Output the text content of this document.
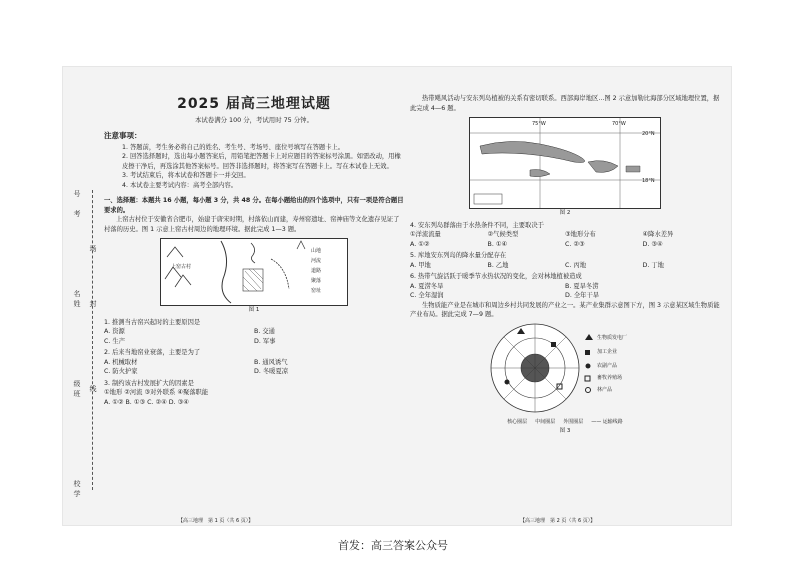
号
考
场
名
姓 封
级
班
线
校
学
2025 届高三地理试题
本试卷满分 100 分，考试用时 75 分钟。
注意事项：
1. 答题前，考生务必将自己的姓名、考生号、考场号、座位号填写在答题卡上。
2. 回答选择题时，选出每小题答案后，用铅笔把答题卡上对应题目的答案标号涂黑。如需改动，用橡皮擦干净后，再选涂其他答案标号。回答非选择题时，将答案写在答题卡上。写在本试卷上无效。
3. 考试结束后，将本试卷和答题卡一并交回。
4. 本试卷主要考试内容：高考全部内容。
一、选择题：本题共 16 小题，每小题 3 分，共 48 分。在每小题给出的四个选项中，只有一项是符合题目要求的。
上窑古村位于安徽省合肥市，始建于唐宋时期，村落依山而建，寿州窑遗址、窑神庙等文化遗存见证了村落的历史。图 1 示意上窑古村周边的地理环境。据此完成 1—3 题。
上窑古村
山地
河流
道路
聚落
窑址
图 1
1. 推测当古窑兴起时的主要原因是
A. 资源	B. 交通
C. 生产	D. 军事
2. 后来当地窑业衰落，主要是为了
A. 机械取材	B. 通风诱气
C. 防火护家	D. 冬暖夏凉
3. 制约该古村发展扩大的因素是
①地形 ②河流 ③对外联系 ④聚落职能
A. ①② B. ①③ C. ②④ D. ③④
【高三地理　第 1 页（共 6 页）】
热带飓风活动与安东列岛植被的关系有密切联系。西部海岸地区...图 2 示意加勒比海部分区域地理位置，据此完成 4—6 题。
20°N
75°W	70°W
18°N
图 2
4. 安东列岛群落由于水热条件不同，主要取决于
①洋流流量	②气候类型	③地形分布	④降水差异
A. ①②	B. ①④	C. ②③	D. ③④
5. 库地安东列岛的降水量分配存在
A. 甲地	B. 乙地	C. 丙地	D. 丁地
6. 热带气旋活跃于暖季节水热状况的变化，会对林地植被造成
A. 夏涝冬旱	B. 夏旱冬涝
C. 全年湿润	D. 全年干旱
生物质能产业是在城市和周边乡村共同发展的产业之一。某产业集群示意图下方，图 3 示意某区域生物质能产业布局。据此完成 7—9 题。
生物质发电厂
加工企业
农副产品
畜牧养殖场
林产品
核心圈层 中间圈层 外围圈层 —— 运输线路
图 3
【高三地理　第 2 页（共 6 页）】
首发：高三答案公众号
